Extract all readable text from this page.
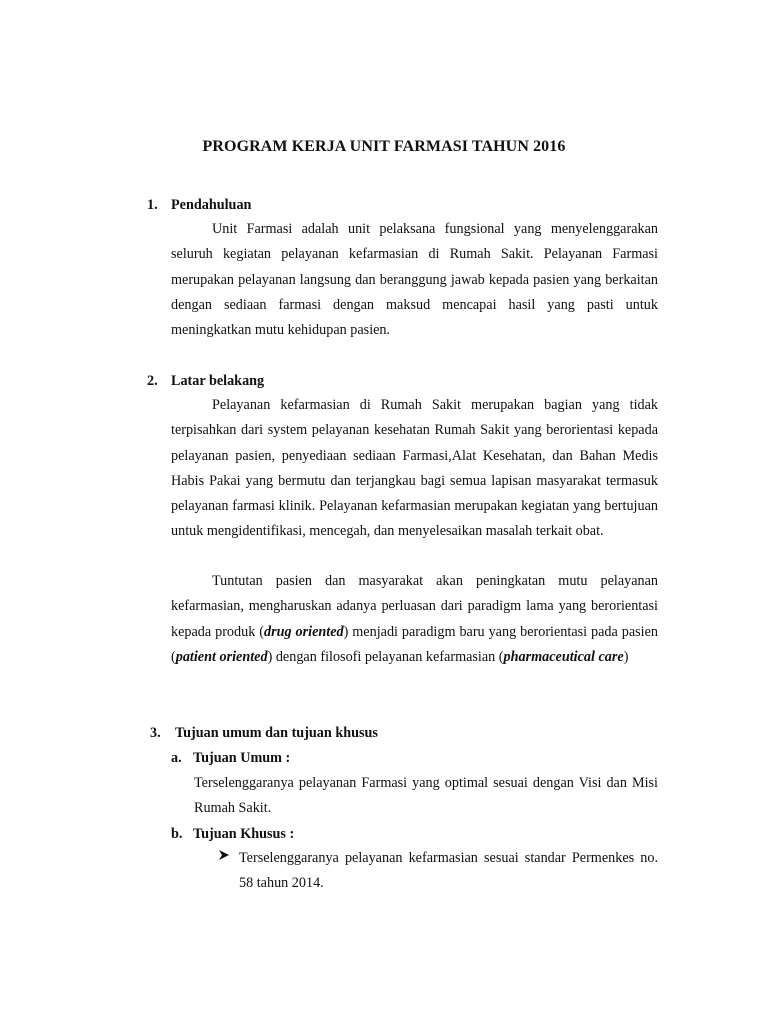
PROGRAM KERJA UNIT FARMASI TAHUN 2016
1. Pendahuluan

Unit Farmasi adalah unit pelaksana fungsional yang menyelenggarakan seluruh kegiatan pelayanan kefarmasian di Rumah Sakit. Pelayanan Farmasi merupakan pelayanan langsung dan beranggung jawab kepada pasien yang berkaitan dengan sediaan farmasi dengan maksud mencapai hasil yang pasti untuk meningkatkan mutu kehidupan pasien.

2. Latar belakang

Pelayanan kefarmasian di Rumah Sakit merupakan bagian yang tidak terpisahkan dari system pelayanan kesehatan Rumah Sakit yang berorientasi kepada pelayanan pasien, penyediaan sediaan Farmasi,Alat Kesehatan, dan Bahan Medis Habis Pakai yang bermutu dan terjangkau bagi semua lapisan masyarakat termasuk pelayanan farmasi klinik. Pelayanan kefarmasian merupakan kegiatan yang bertujuan untuk mengidentifikasi, mencegah, dan menyelesaikan masalah terkait obat.

Tuntutan pasien dan masyarakat akan peningkatan mutu pelayanan kefarmasian, mengharuskan adanya perluasan dari paradigm lama yang berorientasi kepada produk (drug oriented) menjadi paradigm baru yang berorientasi pada pasien (patient oriented) dengan filosofi pelayanan kefarmasian (pharmaceutical care)

3. Tujuan umum dan tujuan khusus
a. Tujuan Umum :

Terselenggaranya pelayanan Farmasi yang optimal sesuai dengan Visi dan Misi Rumah Sakit.

b. Tujuan Khusus :

Terselenggaranya pelayanan kefarmasian sesuai standar Permenkes no. 58 tahun 2014.
